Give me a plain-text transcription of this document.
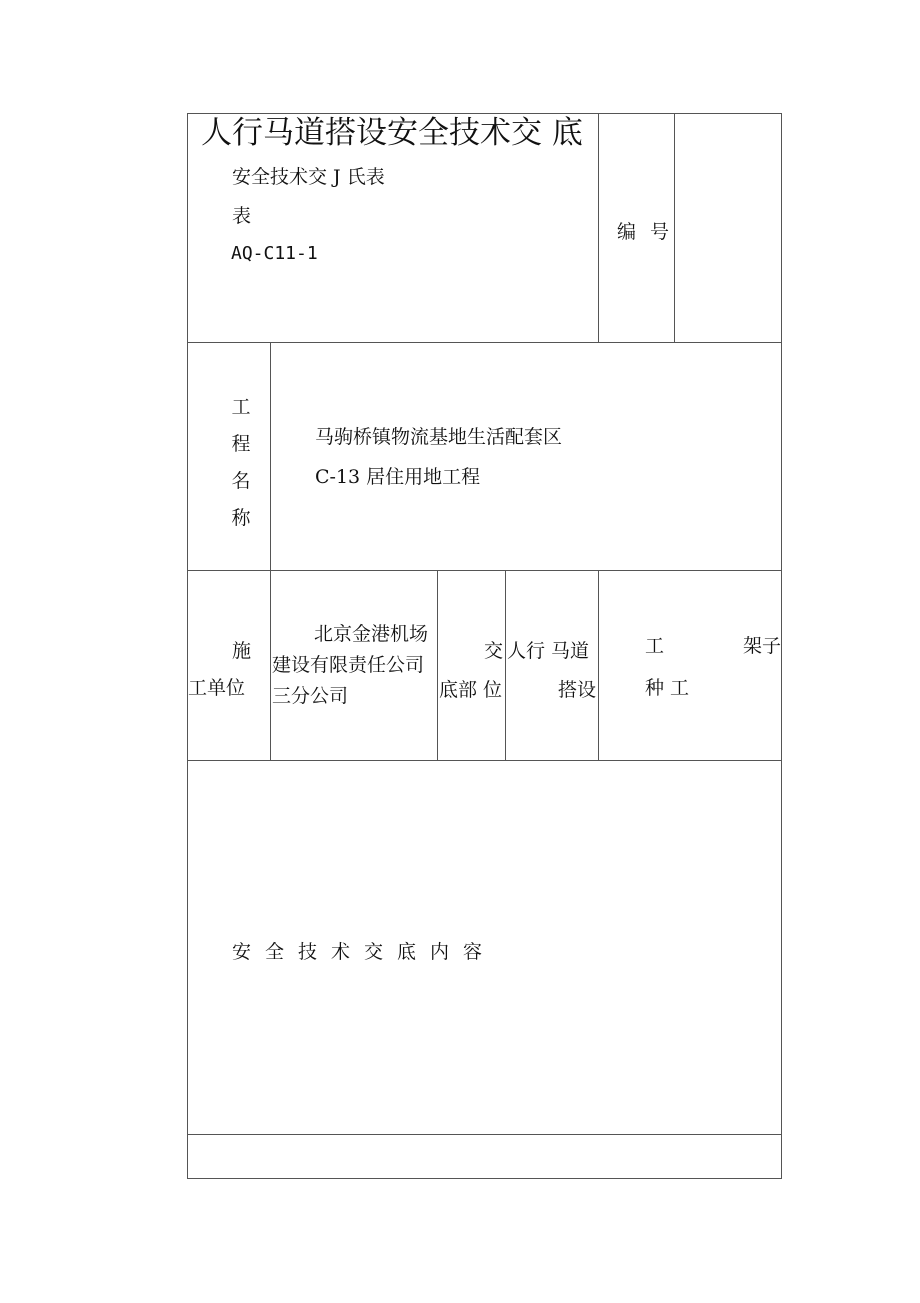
人行马道搭设安全技术交 底
安全技术交 J 氏表
表
AQ-C11-1
编 号
工程名称
马驹桥镇物流基地生活配套区
C-13 居住用地工程
施
工单位
北京金港机场建设有限责任公司三分公司
交
底部 位
人行 马道
搭设
工
种 工
架子
安全技术交底内容
